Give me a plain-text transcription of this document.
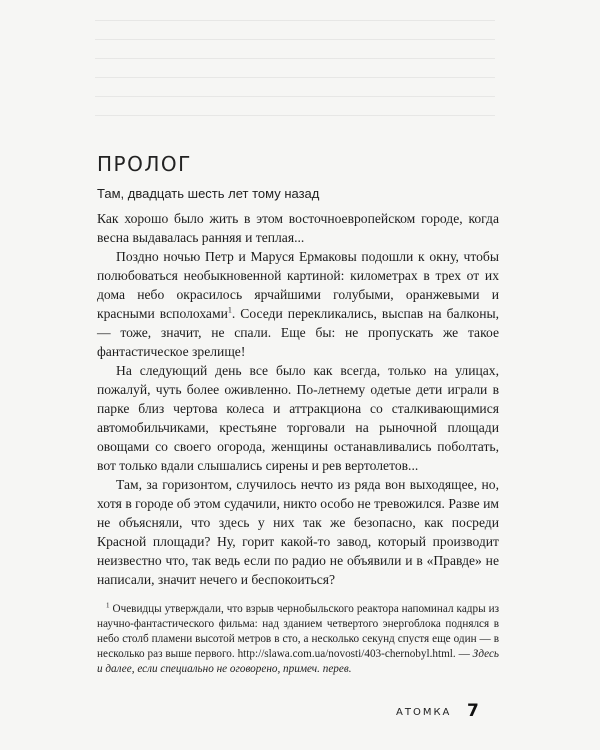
ПРОЛОГ
Там, двадцать шесть лет тому назад

Как хорошо было жить в этом восточноевропейском городе, когда весна выдавалась ранняя и теплая...

Поздно ночью Петр и Маруся Ермаковы подошли к окну, чтобы полюбоваться необыкновенной картиной: километрах в трех от их дома небо окрасилось ярчайшими голубыми, оранжевыми и красными всполохами$^1$. Соседи перекликались, выспав на балконы, — тоже, значит, не спали. Еще бы: не пропускать же такое фантастическое зрелище!

На следующий день все было как всегда, только на улицах, пожалуй, чуть более оживленно. По-летнему одетые дети играли в парке близ чертова колеса и аттракциона со сталкивающимися автомобильчиками, крестьяне торговали на рыночной площади овощами со своего огорода, женщины останавливались поболтать, вот только вдали слышались сирены и рев вертолетов...

Там, за горизонтом, случилось нечто из ряда вон выходящее, но, хотя в городе об этом судачили, никто особо не тревожился. Разве им не объясняли, что здесь у них так же безопасно, как посреди Красной площади? Ну, горит какой-то завод, который производит неизвестно что, так ведь если по радио не объявили и в «Правде» не написали, значит нечего и беспокоиться?

$^1$ Очевидцы утверждали, что взрыв чернобыльского реактора напоминал кадры из научно-фантастического фильма: над зданием четвертого энергоблока поднялся в небо столб пламени высотой метров в сто, а несколько секунд спустя еще один — в несколько раз выше первого. http://slawa.com.ua/novosti/403-chernobyl.html. — Здесь и далее, если специально не оговорено, примеч. перев.

АТОМКА 7
